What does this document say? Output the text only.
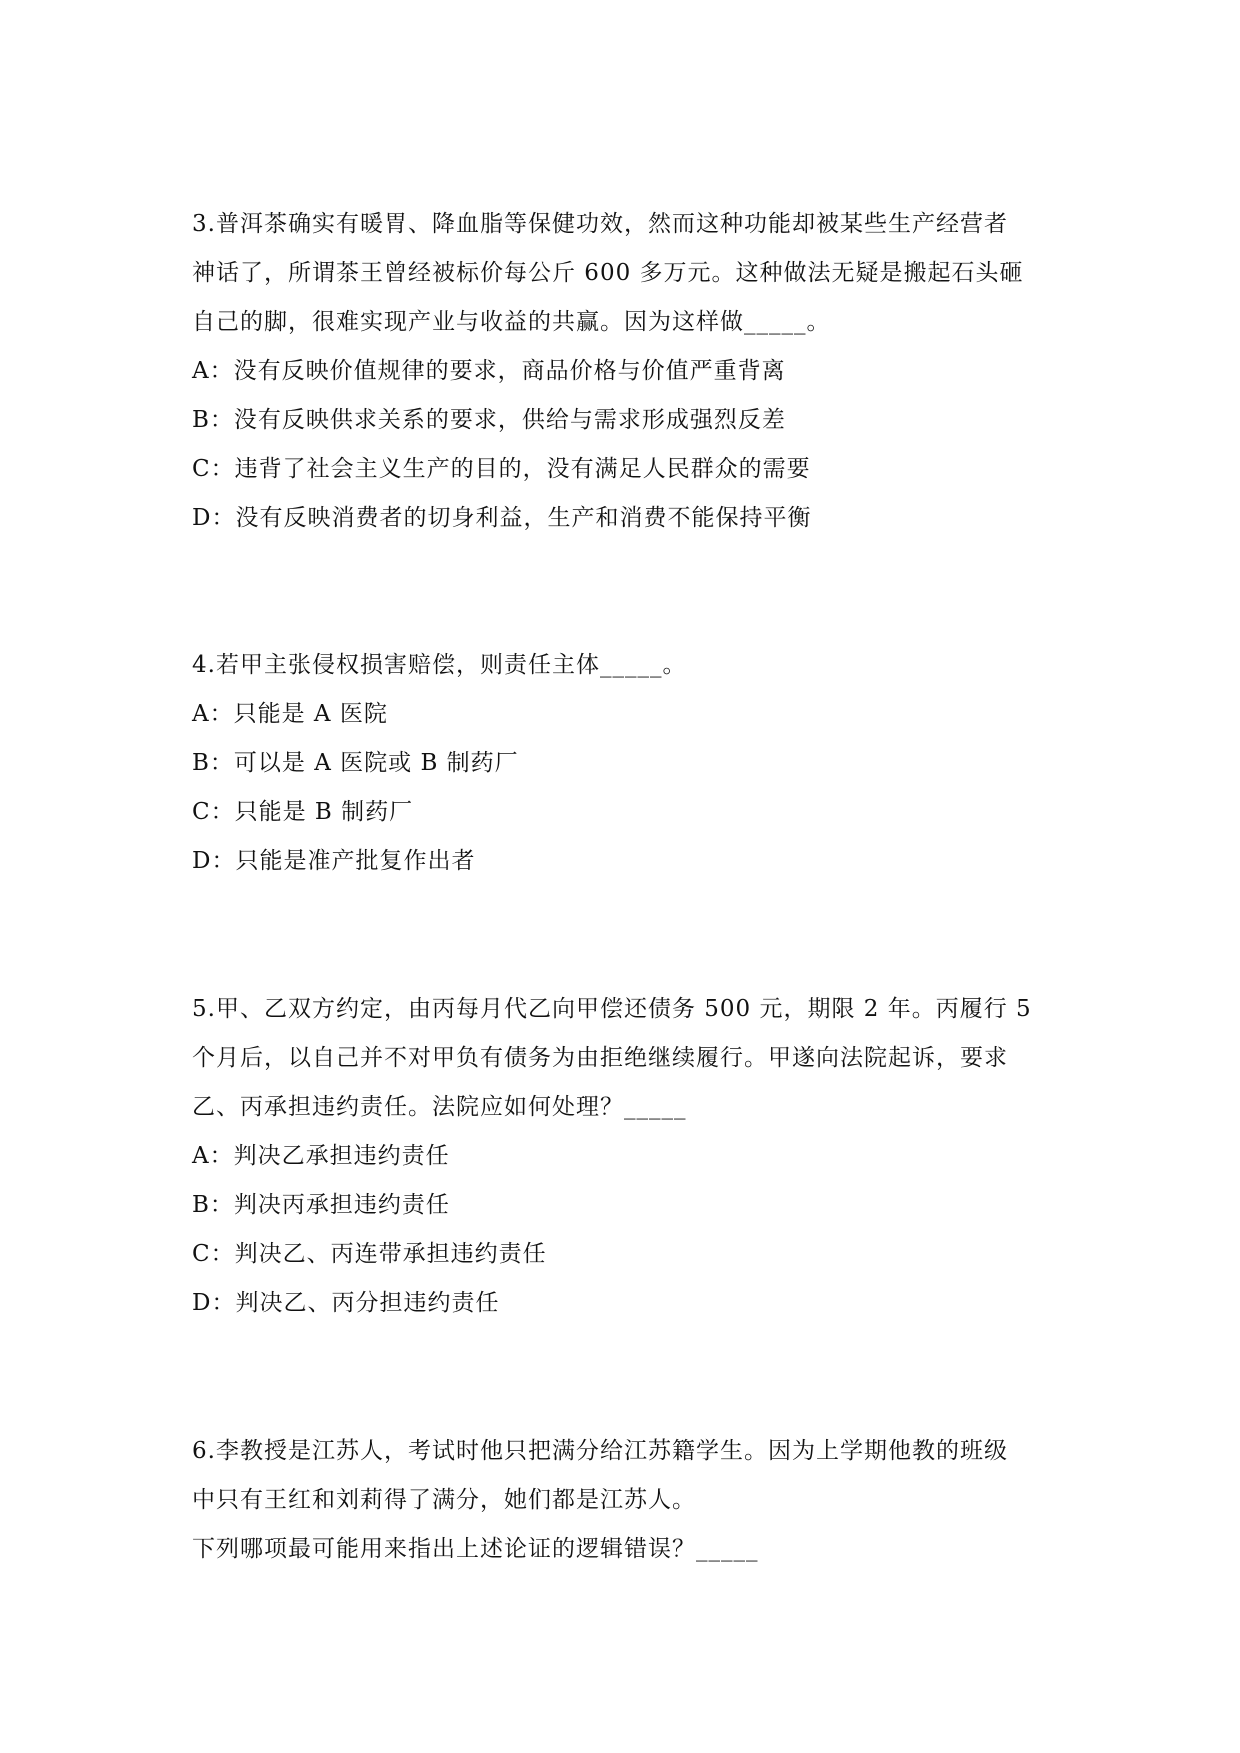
3.普洱茶确实有暖胃、降血脂等保健功效，然而这种功能却被某些生产经营者
神话了，所谓茶王曾经被标价每公斤 600 多万元。这种做法无疑是搬起石头砸
自己的脚，很难实现产业与收益的共赢。因为这样做_____。
A：没有反映价值规律的要求，商品价格与价值严重背离
B：没有反映供求关系的要求，供给与需求形成强烈反差
C：违背了社会主义生产的目的，没有满足人民群众的需要
D：没有反映消费者的切身利益，生产和消费不能保持平衡
4.若甲主张侵权损害赔偿，则责任主体_____。
A：只能是 A 医院
B：可以是 A 医院或 B 制药厂
C：只能是 B 制药厂
D：只能是准产批复作出者
5.甲、乙双方约定，由丙每月代乙向甲偿还债务 500 元，期限 2 年。丙履行 5
个月后，以自己并不对甲负有债务为由拒绝继续履行。甲遂向法院起诉，要求
乙、丙承担违约责任。法院应如何处理？_____
A：判决乙承担违约责任
B：判决丙承担违约责任
C：判决乙、丙连带承担违约责任
D：判决乙、丙分担违约责任
6.李教授是江苏人，考试时他只把满分给江苏籍学生。因为上学期他教的班级
中只有王红和刘莉得了满分，她们都是江苏人。
下列哪项最可能用来指出上述论证的逻辑错误？_____
